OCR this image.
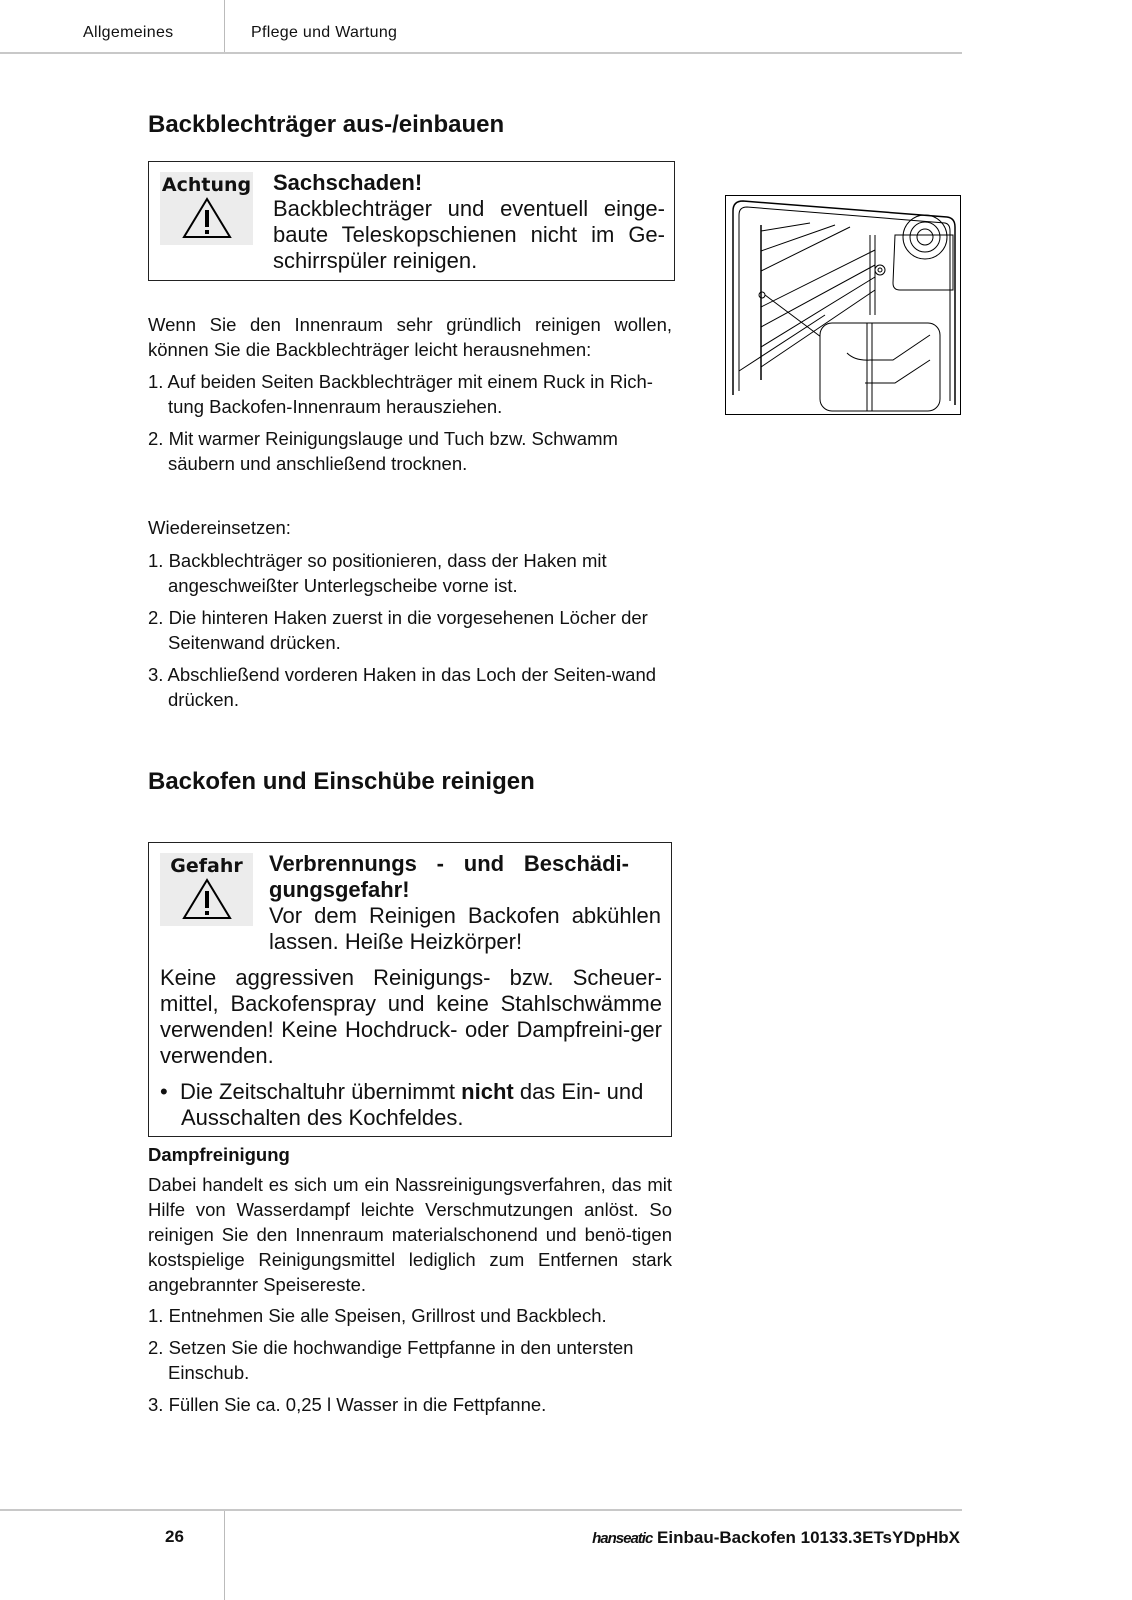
Allgemeines	Pflege und Wartung
Backblechträger aus-/einbauen
Achtung Sachschaden!
Backblechträger und eventuell einge-baute Teleskopschienen nicht im Ge-schirrspüler reinigen.
Wenn Sie den Innenraum sehr gründlich reinigen wollen, können Sie die Backblechträger leicht herausnehmen:
1. Auf beiden Seiten Backblechträger mit einem Ruck in Rich-tung Backofen-Innenraum herausziehen.
2. Mit warmer Reinigungslauge und Tuch bzw. Schwamm säubern und anschließend trocknen.
Wiedereinsetzen:
1. Backblechträger so positionieren, dass der Haken mit angeschweißter Unterlegscheibe vorne ist.
2. Die hinteren Haken zuerst in die vorgesehenen Löcher der Seitenwand drücken.
3. Abschließend vorderen Haken in das Loch der Seiten-wand drücken.
Backofen und Einschübe reinigen
Gefahr	Verbrennungs - und Beschädi-gungsgefahr!
Vor dem Reinigen Backofen abkühlen lassen. Heiße Heizkörper!
Keine aggressiven Reinigungs- bzw. Scheuer-mittel, Backofenspray und keine Stahlschwämme verwenden! Keine Hochdruck- oder Dampfreini-ger verwenden.
•  Die Zeitschaltuhr übernimmt nicht das Ein- und Ausschalten des Kochfeldes.
Dampfreinigung
Dabei handelt es sich um ein Nassreinigungsverfahren, das mit Hilfe von Wasserdampf leichte Verschmutzungen anlöst. So reinigen Sie den Innenraum materialschonend und benö-tigen kostspielige Reinigungsmittel lediglich zum Entfernen stark angebrannter Speisereste.
1. Entnehmen Sie alle Speisen, Grillrost und Backblech.
2. Setzen Sie die hochwandige Fettpfanne in den untersten Einschub.
3. Füllen Sie ca. 0,25 l Wasser in die Fettpfanne.
26	hanseatic Einbau-Backofen 10133.3ETsYDpHbX
